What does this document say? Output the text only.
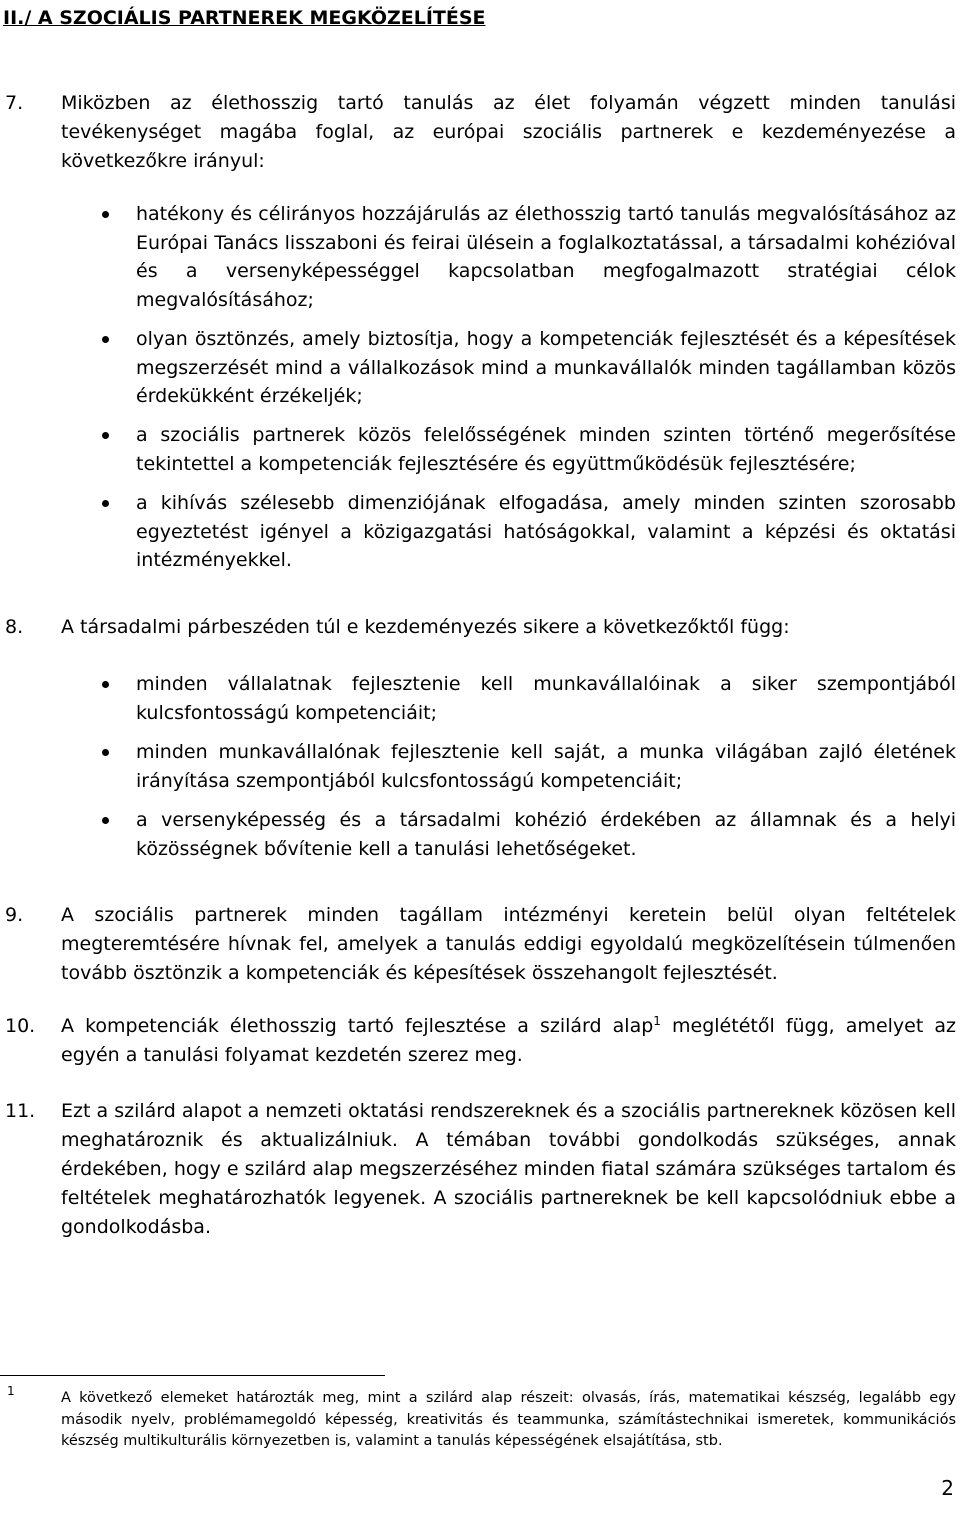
II./ A SZOCIÁLIS PARTNEREK MEGKÖZELÍTÉSE
7. Miközben az élethosszig tartó tanulás az élet folyamán végzett minden tanulási tevékenységet magába foglal, az európai szociális partnerek e kezdeményezése a következőkre irányul:
hatékony és célirányos hozzájárulás az élethosszig tartó tanulás megvalósításához az Európai Tanács lisszaboni és feirai ülésein a foglalkoztatással, a társadalmi kohézióval és a versenyképességgel kapcsolatban megfogalmazott stratégiai célok megvalósításához;
olyan ösztönzés, amely biztosítja, hogy a kompetenciák fejlesztését és a képesítések megszerzését mind a vállalkozások mind a munkavállalók minden tagállamban közös érdekükként érzékeljék;
a szociális partnerek közös felelősségének minden szinten történő megerősítése tekintettel a kompetenciák fejlesztésére és együttműködésük fejlesztésére;
a kihívás szélesebb dimenziójának elfogadása, amely minden szinten szorosabb egyeztetést igényel a közigazgatási hatóságokkal, valamint a képzési és oktatási intézményekkel.
8. A társadalmi párbeszéden túl e kezdeményezés sikere a következőktől függ:
minden vállalatnak fejlesztenie kell munkavállalóinak a siker szempontjából kulcsfontosságú kompetenciáit;
minden munkavállalónak fejlesztenie kell saját, a munka világában zajló életének irányítása szempontjából kulcsfontosságú kompetenciáit;
a versenyképesség és a társadalmi kohézió érdekében az államnak és a helyi közösségnek bővítenie kell a tanulási lehetőségeket.
9. A szociális partnerek minden tagállam intézményi keretein belül olyan feltételek megteremtésére hívnak fel, amelyek a tanulás eddigi egyoldalú megközelítésein túlmenően tovább ösztönzik a kompetenciák és képesítések összehangolt fejlesztését.
10. A kompetenciák élethosszig tartó fejlesztése a szilárd alap$^1$ meglététől függ, amelyet az egyén a tanulási folyamat kezdetén szerez meg.
11. Ezt a szilárd alapot a nemzeti oktatási rendszereknek és a szociális partnereknek közösen kell meghatároznik és aktualizálniuk. A témában további gondolkodás szükséges, annak érdekében, hogy e szilárd alap megszerzéséhez minden fiatal számára szükséges tartalom és feltételek meghatározhatók legyenek. A szociális partnereknek be kell kapcsolódniuk ebbe a gondolkodásba.
1	A következő elemeket határozták meg, mint a szilárd alap részeit: olvasás, írás, matematikai készség, legalább egy második nyelv, problémamegoldó képesség, kreativitás és teammunka, számítástechnikai ismeretek, kommunikációs készség multikulturális környezetben is, valamint a tanulás képességének elsajátítása, stb.
2
